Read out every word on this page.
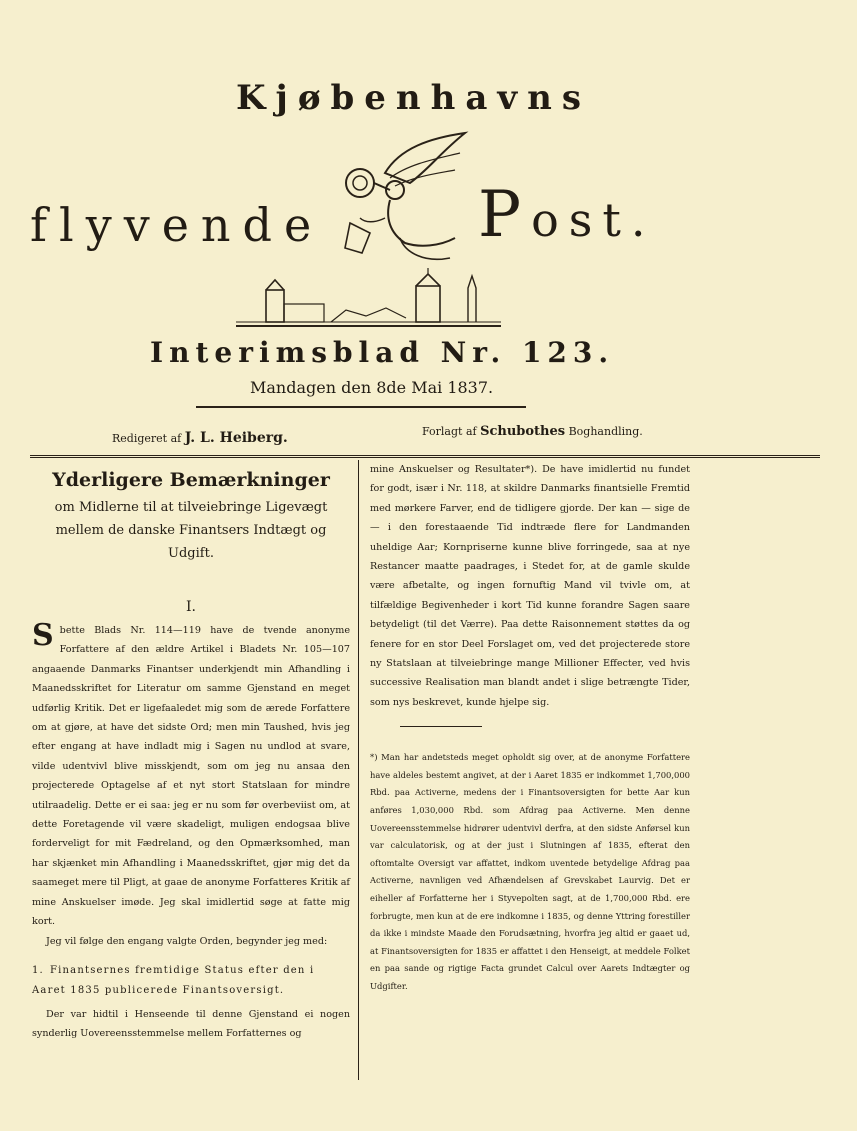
Kjøbenhavns
flyvende Post.
Interimsblad Nr. 123.
Mandagen den 8de Mai 1837.
Redigeret af J. L. Heiberg.	Forlagt af Schubothes Boghandling.
Yderligere Bemærkninger

om Midlerne til at tilveiebringe Ligevægt mellem de danske Finantsers Indtægt og Udgift.

I.

Sbette Blads Nr. 114—119 have de tvende anonyme Forfattere af den ældre Artikel i Bladets Nr. 105—107 angaaende Danmarks Finantser underkjendt min Afhandling i Maanedsskriftet for Literatur om samme Gjenstand en meget udførlig Kritik. Det er ligefaaledet mig som de ærede Forfattere om at gjøre, at have det sidste Ord; men min Taushed, hvis jeg efter engang at have indladt mig i Sagen nu undlod at svare, vilde udentvivl blive misskjendt, som om jeg nu ansaa den projecterede Optagelse af et nyt stort Statslaan for mindre utilraadelig. Dette er ei saa: jeg er nu som før overbeviist om, at dette Foretagende vil være skadeligt, muligen endogsaa blive forderveligt for mit Fædreland, og den Opmærksomhed, man har skjænket min Afhandling i Maanedsskriftet, gjør mig det da saameget mere til Pligt, at gaae de anonyme Forfatteres Kritik af mine Anskuelser imøde. Jeg skal imidlertid søge at fatte mig kort.

Jeg vil følge den engang valgte Orden, begynder jeg med:

1. Finantsernes fremtidige Status efter den i Aaret 1835 publicerede Finantsoversigt.

Der var hidtil i Henseende til denne Gjenstand ei nogen synderlig Uovereensstemmelse mellem Forfatternes og

mine Anskuelser og Resultater*). De have imidlertid nu fundet for godt, især i Nr. 118, at skildre Danmarks finantsielle Fremtid med mørkere Farver, end de tidligere gjorde. Der kan — sige de — i den forestaaende Tid indtræde flere for Landmanden uheldige Aar; Kornpriserne kunne blive forringede, saa at nye Restancer maatte paadrages, i Stedet for, at de gamle skulde være afbetalte, og ingen fornuftig Mand vil tvivle om, at tilfældige Begivenheder i kort Tid kunne forandre Sagen saare betydeligt (til det Værre). Paa dette Raisonnement støttes da og fenere for en stor Deel Forslaget om, ved det projecterede store ny Statslaan at tilveiebringe mange Millioner Effecter, ved hvis successive Realisation man blandt andet i slige betrængte Tider, som nys beskrevet, kunde hjelpe sig.

*) Man har andetsteds meget opholdt sig over, at de anonyme Forfattere have aldeles bestemt angivet, at der i Aaret 1835 er indkommet 1,700,000 Rbd. paa Activerne, medens der i Finantsoversigten for bette Aar kun anføres 1,030,000 Rbd. som Afdrag paa Activerne. Men denne Uovereensstemmelse hidrører udentvivl derfra, at den sidste Anførsel kun var calculatorisk, og at der just i Slutningen af 1835, efterat den oftomtalte Oversigt var affattet, indkom uventede betydelige Afdrag paa Activerne, navnligen ved Afhændelsen af Grevskabet Laurvig. Det er eiheller af Forfatterne her i Styvepolten sagt, at de 1,700,000 Rbd. ere forbrugte, men kun at de ere indkomne i 1835, og denne Yttring forestiller da ikke i mindste Maade den Forudsætning, hvorfra jeg altid er gaaet ud, at Finantsoversigten for 1835 er affattet i den Henseigt, at meddele Folket en paa sande og rigtige Facta grundet Calcul over Aarets Indtægter og Udgifter.
